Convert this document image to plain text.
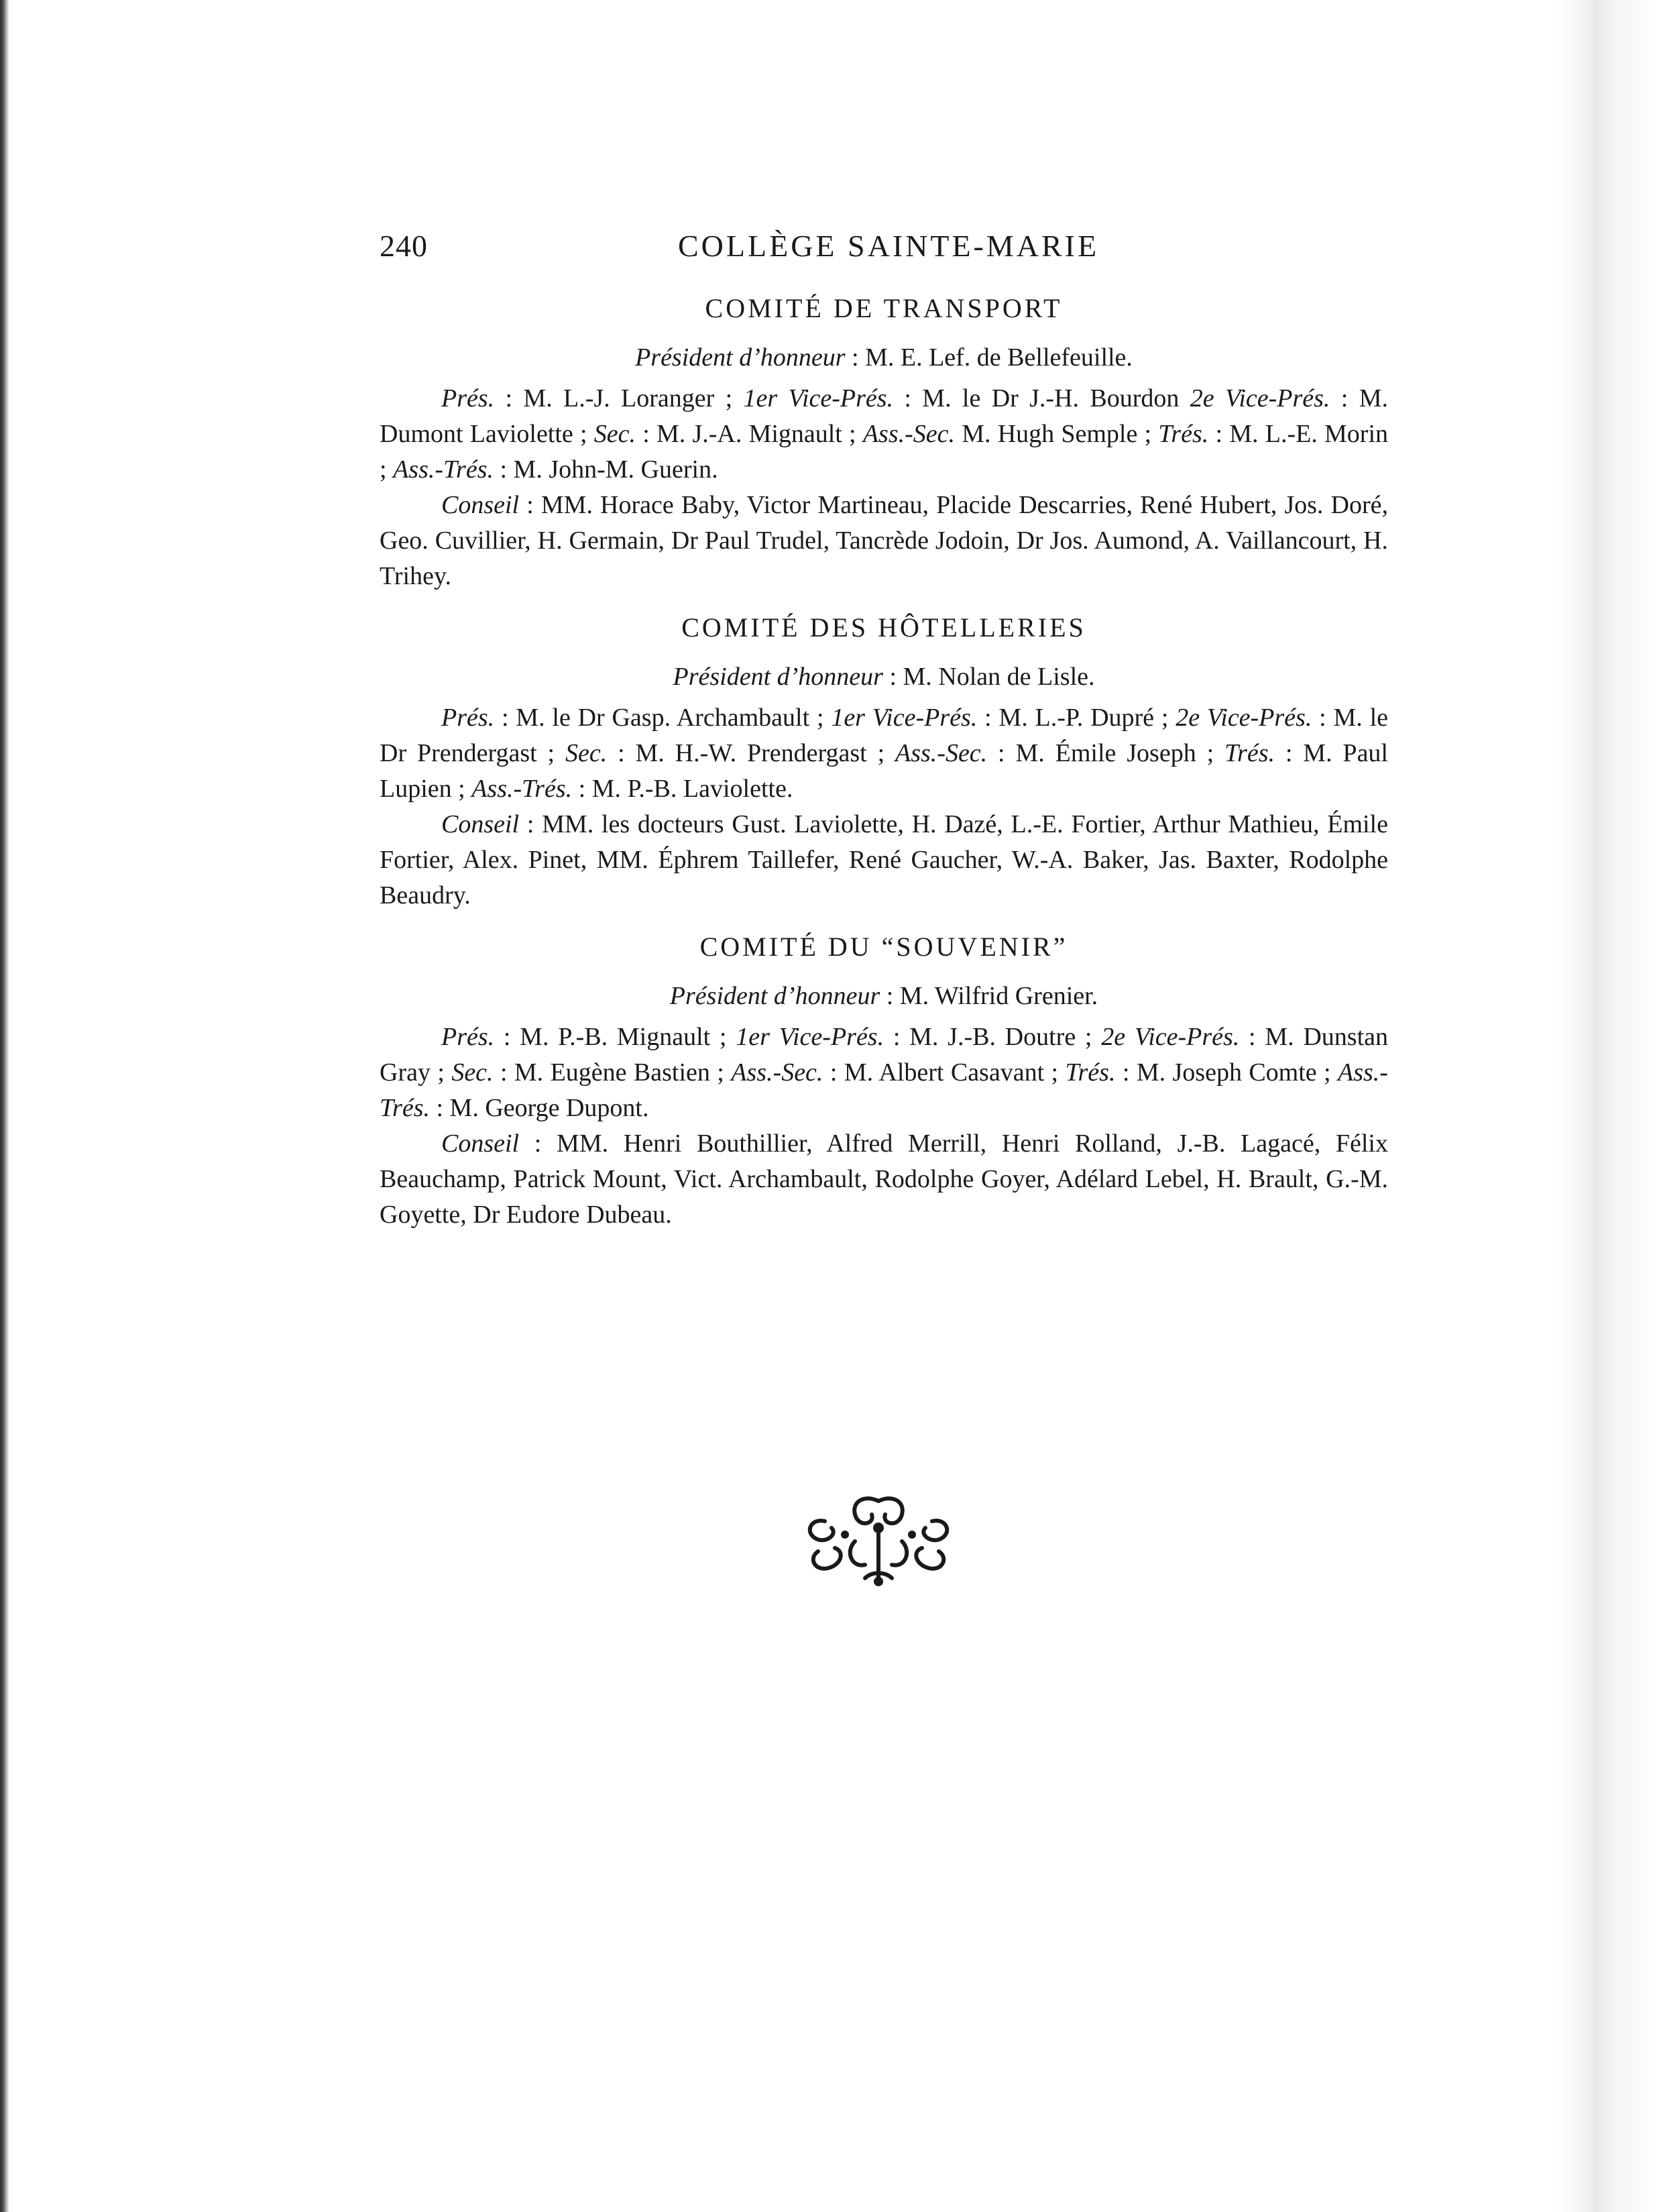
240	COLLÈGE SAINTE-MARIE
COMITÉ DE TRANSPORT
Président d’honneur : M. E. Lef. de Bellefeuille.

Prés. : M. L.-J. Loranger ; 1er Vice-Prés. : M. le Dr J.-H. Bourdon 2e Vice-Prés. : M. Dumont Laviolette ; Sec. : M. J.-A. Mignault ; Ass.-Sec. M. Hugh Semple ; Trés. : M. L.-E. Morin ; Ass.-Trés. : M. John-M. Guerin.

Conseil : MM. Horace Baby, Victor Martineau, Placide Descarries, René Hubert, Jos. Doré, Geo. Cuvillier, H. Germain, Dr Paul Trudel, Tancrède Jodoin, Dr Jos. Aumond, A. Vaillancourt, H. Trihey.

COMITÉ DES HÔTELLERIES
Président d’honneur : M. Nolan de Lisle.

Prés. : M. le Dr Gasp. Archambault ; 1er Vice-Prés. : M. L.-P. Dupré ; 2e Vice-Prés. : M. le Dr Prendergast ; Sec. : M. H.-W. Prendergast ; Ass.-Sec. : M. Émile Joseph ; Trés. : M. Paul Lupien ; Ass.-Trés. : M. P.-B. Laviolette.

Conseil : MM. les docteurs Gust. Laviolette, H. Dazé, L.-E. Fortier, Arthur Mathieu, Émile Fortier, Alex. Pinet, MM. Éphrem Taillefer, René Gaucher, W.-A. Baker, Jas. Baxter, Rodolphe Beaudry.

COMITÉ DU “SOUVENIR”
Président d’honneur : M. Wilfrid Grenier.

Prés. : M. P.-B. Mignault ; 1er Vice-Prés. : M. J.-B. Doutre ; 2e Vice-Prés. : M. Dunstan Gray ; Sec. : M. Eugène Bastien ; Ass.-Sec. : M. Albert Casavant ; Trés. : M. Joseph Comte ; Ass.-Trés. : M. George Dupont.

Conseil : MM. Henri Bouthillier, Alfred Merrill, Henri Rolland, J.-B. Lagacé, Félix Beauchamp, Patrick Mount, Vict. Archambault, Rodolphe Goyer, Adélard Lebel, H. Brault, G.-M. Goyette, Dr Eudore Dubeau.
